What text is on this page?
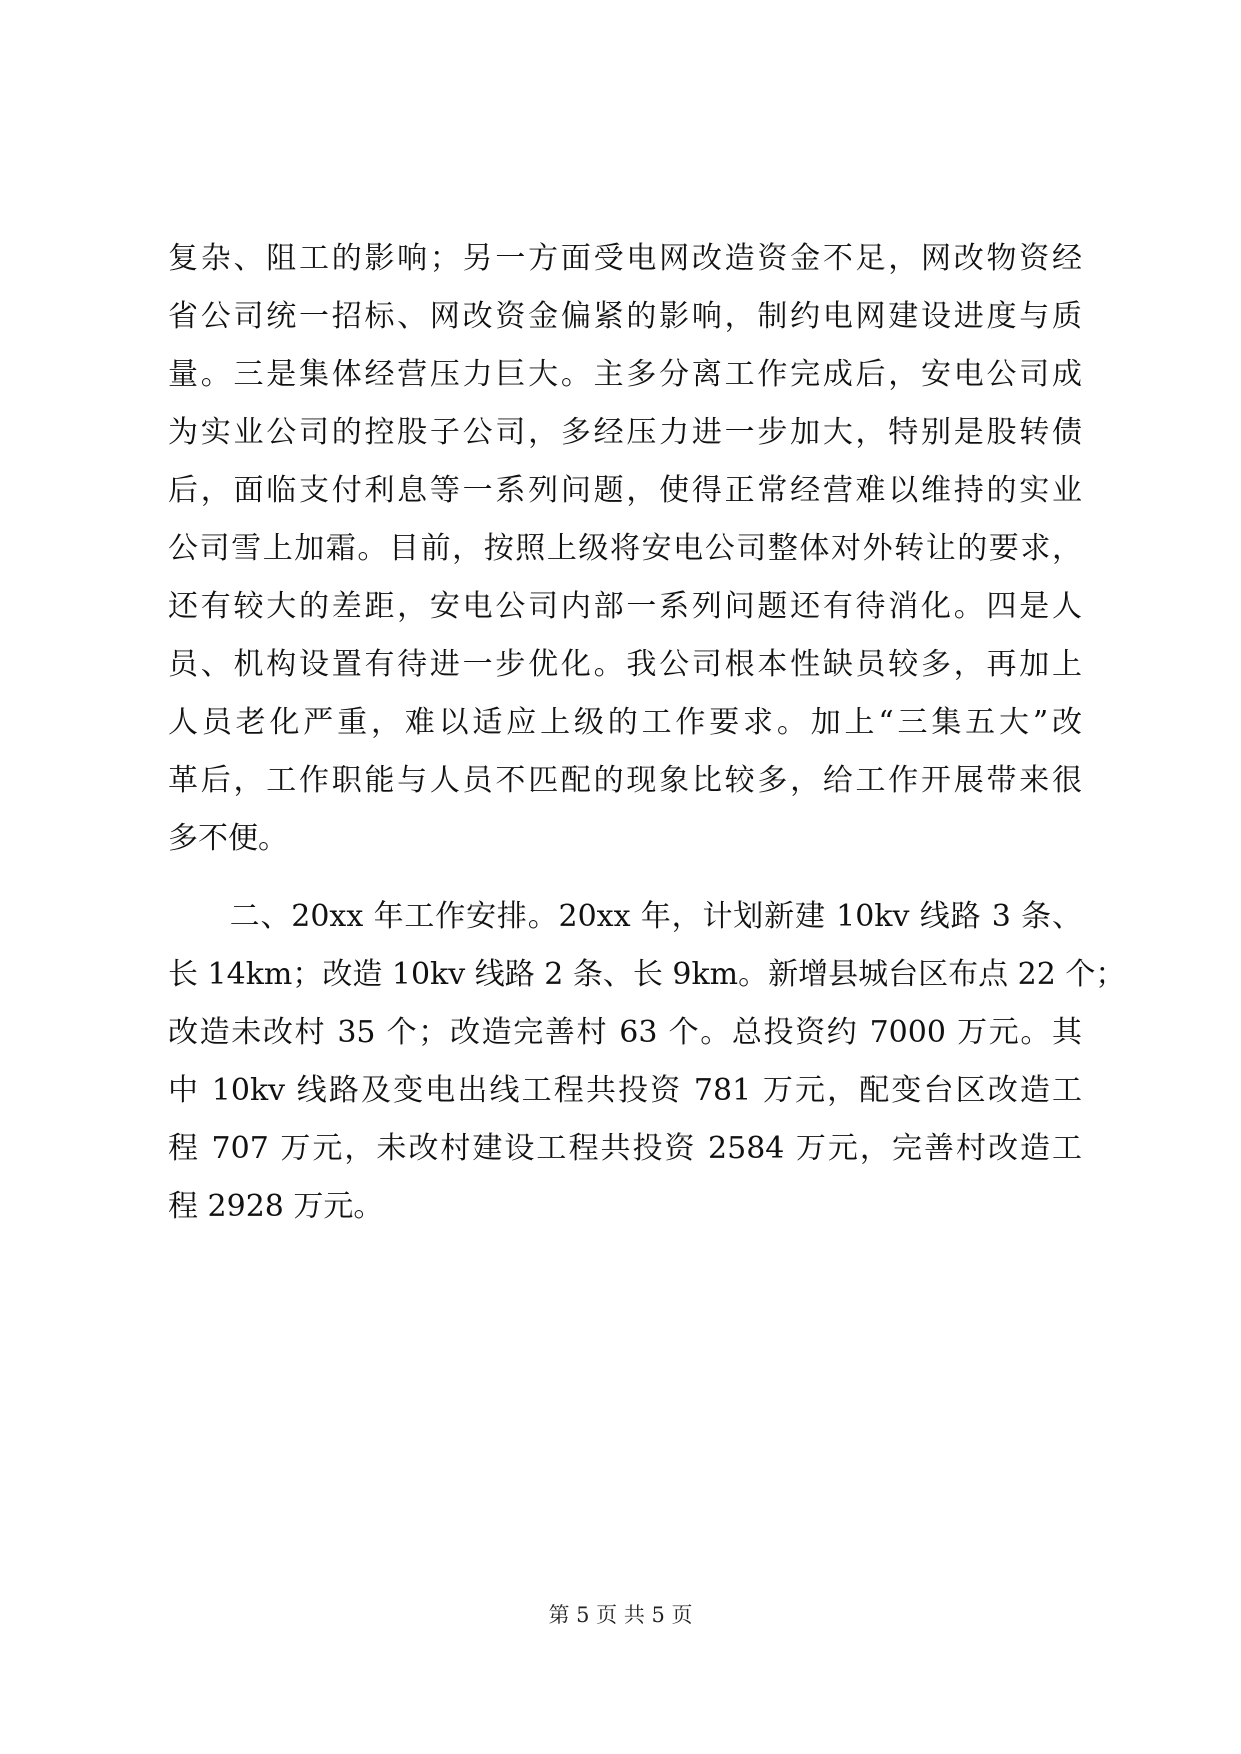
复杂、阻工的影响；另一方面受电网改造资金不足，网改物资经
省公司统一招标、网改资金偏紧的影响，制约电网建设进度与质
量。三是集体经营压力巨大。主多分离工作完成后，安电公司成
为实业公司的控股子公司，多经压力进一步加大，特别是股转债
后，面临支付利息等一系列问题，使得正常经营难以维持的实业
公司雪上加霜。目前，按照上级将安电公司整体对外转让的要求，
还有较大的差距，安电公司内部一系列问题还有待消化。四是人
员、机构设置有待进一步优化。我公司根本性缺员较多，再加上
人员老化严重，难以适应上级的工作要求。加上“三集五大”改
革后，工作职能与人员不匹配的现象比较多，给工作开展带来很
多不便。
　　二、20xx 年工作安排。20xx 年，计划新建 10kv 线路 3 条、
长 14km；改造 10kv 线路 2 条、长 9km。新增县城台区布点 22 个；
改造未改村 35 个；改造完善村 63 个。总投资约 7000 万元。其
中 10kv 线路及变电出线工程共投资 781 万元，配变台区改造工
程 707 万元，未改村建设工程共投资 2584 万元，完善村改造工
程 2928 万元。
第 5 页 共 5 页
